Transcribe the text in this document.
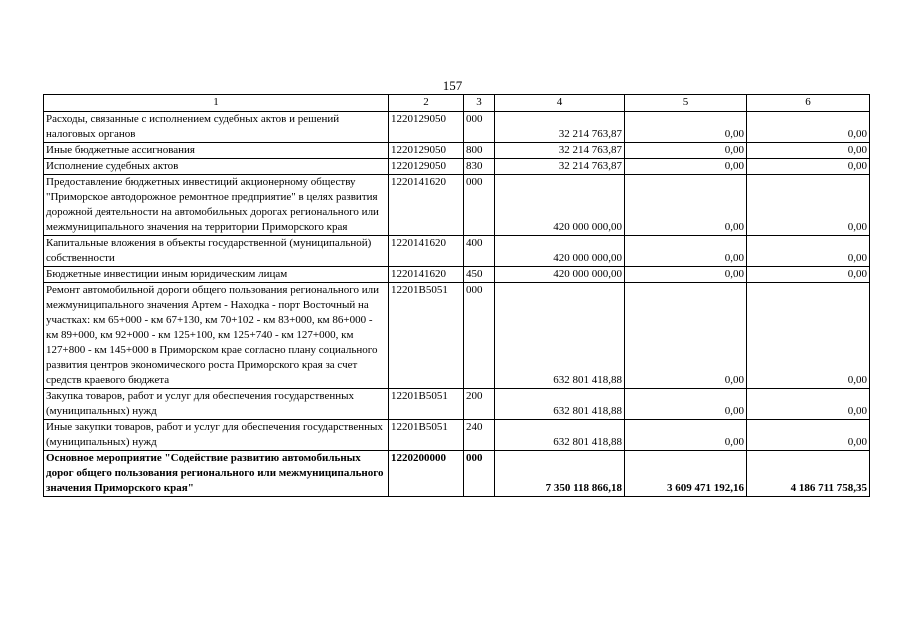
157
1	2	3	4	5	6
Расходы, связанные с исполнением судебных актов и решений налоговых органов	1220129050	000	32 214 763,87	0,00	0,00
Иные бюджетные ассигнования	1220129050	800	32 214 763,87	0,00	0,00
Исполнение судебных актов	1220129050	830	32 214 763,87	0,00	0,00
Предоставление бюджетных инвестиций акционерному обществу "Приморское автодорожное ремонтное предприятие" в целях развития дорожной деятельности на автомобильных дорогах регионального или межмуниципального значения на территории Приморского края	1220141620	000	420 000 000,00	0,00	0,00
Капитальные вложения в объекты государственной (муниципальной) собственности	1220141620	400	420 000 000,00	0,00	0,00
Бюджетные инвестиции иным юридическим лицам	1220141620	450	420 000 000,00	0,00	0,00
Ремонт автомобильной дороги общего пользования регионального или межмуниципального значения Артем - Находка - порт Восточный на участках: км 65+000 - км 67+130, км 70+102 - км 83+000, км 86+000 - км 89+000, км 92+000 - км 125+100, км 125+740 - км 127+000, км 127+800 - км 145+000 в Приморском крае согласно плану социального развития центров экономического роста Приморского края за счет средств краевого бюджета	12201B5051	000	632 801 418,88	0,00	0,00
Закупка товаров, работ и услуг для обеспечения государственных (муниципальных) нужд	12201B5051	200	632 801 418,88	0,00	0,00
Иные закупки товаров, работ и услуг для обеспечения государственных (муниципальных) нужд	12201B5051	240	632 801 418,88	0,00	0,00
Основное мероприятие "Содействие развитию автомобильных дорог общего пользования регионального или межмуниципального значения Приморского края"	1220200000	000	7 350 118 866,18	3 609 471 192,16	4 186 711 758,35
